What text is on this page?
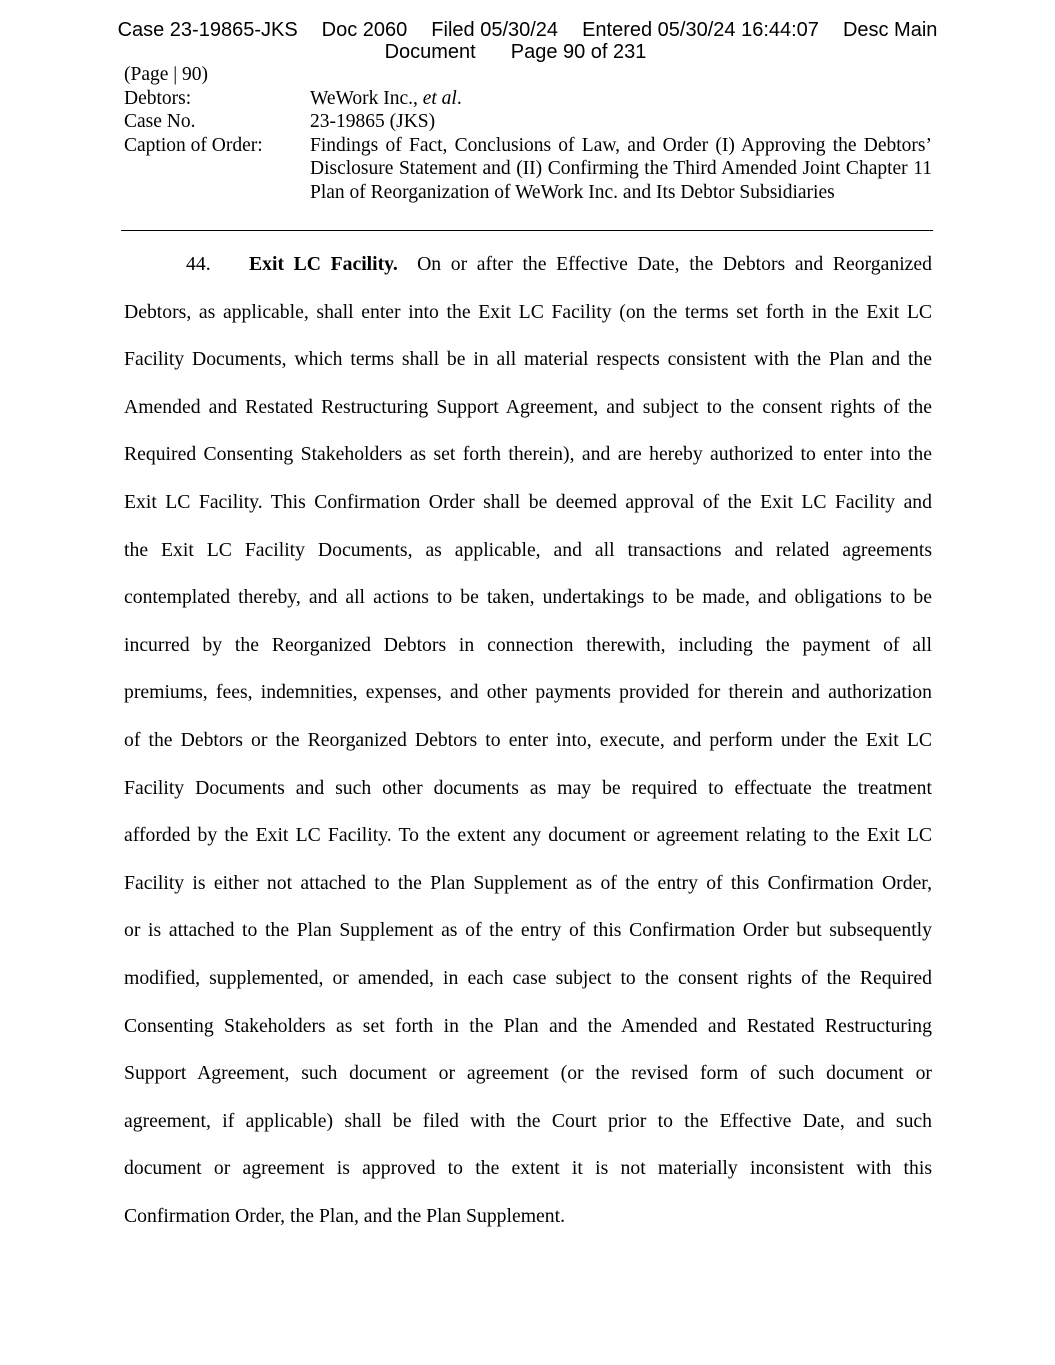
Case 23-19865-JKS Doc 2060 Filed 05/30/24 Entered 05/30/24 16:44:07 Desc Main
Document Page 90 of 231
(Page | 90)
Debtors:	WeWork Inc., et al.
Case No.	23-19865 (JKS)
Caption of Order:	Findings of Fact, Conclusions of Law, and Order (I) Approving the Debtors’ Disclosure Statement and (II) Confirming the Third Amended Joint Chapter 11 Plan of Reorganization of WeWork Inc. and Its Debtor Subsidiaries
44. Exit LC Facility. On or after the Effective Date, the Debtors and Reorganized
Debtors, as applicable, shall enter into the Exit LC Facility (on the terms set forth in the Exit LC
Facility Documents, which terms shall be in all material respects consistent with the Plan and the
Amended and Restated Restructuring Support Agreement, and subject to the consent rights of the
Required Consenting Stakeholders as set forth therein), and are hereby authorized to enter into the
Exit LC Facility. This Confirmation Order shall be deemed approval of the Exit LC Facility and
the Exit LC Facility Documents, as applicable, and all transactions and related agreements
contemplated thereby, and all actions to be taken, undertakings to be made, and obligations to be
incurred by the Reorganized Debtors in connection therewith, including the payment of all
premiums, fees, indemnities, expenses, and other payments provided for therein and authorization
of the Debtors or the Reorganized Debtors to enter into, execute, and perform under the Exit LC
Facility Documents and such other documents as may be required to effectuate the treatment
afforded by the Exit LC Facility. To the extent any document or agreement relating to the Exit LC
Facility is either not attached to the Plan Supplement as of the entry of this Confirmation Order,
or is attached to the Plan Supplement as of the entry of this Confirmation Order but subsequently
modified, supplemented, or amended, in each case subject to the consent rights of the Required
Consenting Stakeholders as set forth in the Plan and the Amended and Restated Restructuring
Support Agreement, such document or agreement (or the revised form of such document or
agreement, if applicable) shall be filed with the Court prior to the Effective Date, and such
document or agreement is approved to the extent it is not materially inconsistent with this
Confirmation Order, the Plan, and the Plan Supplement.
